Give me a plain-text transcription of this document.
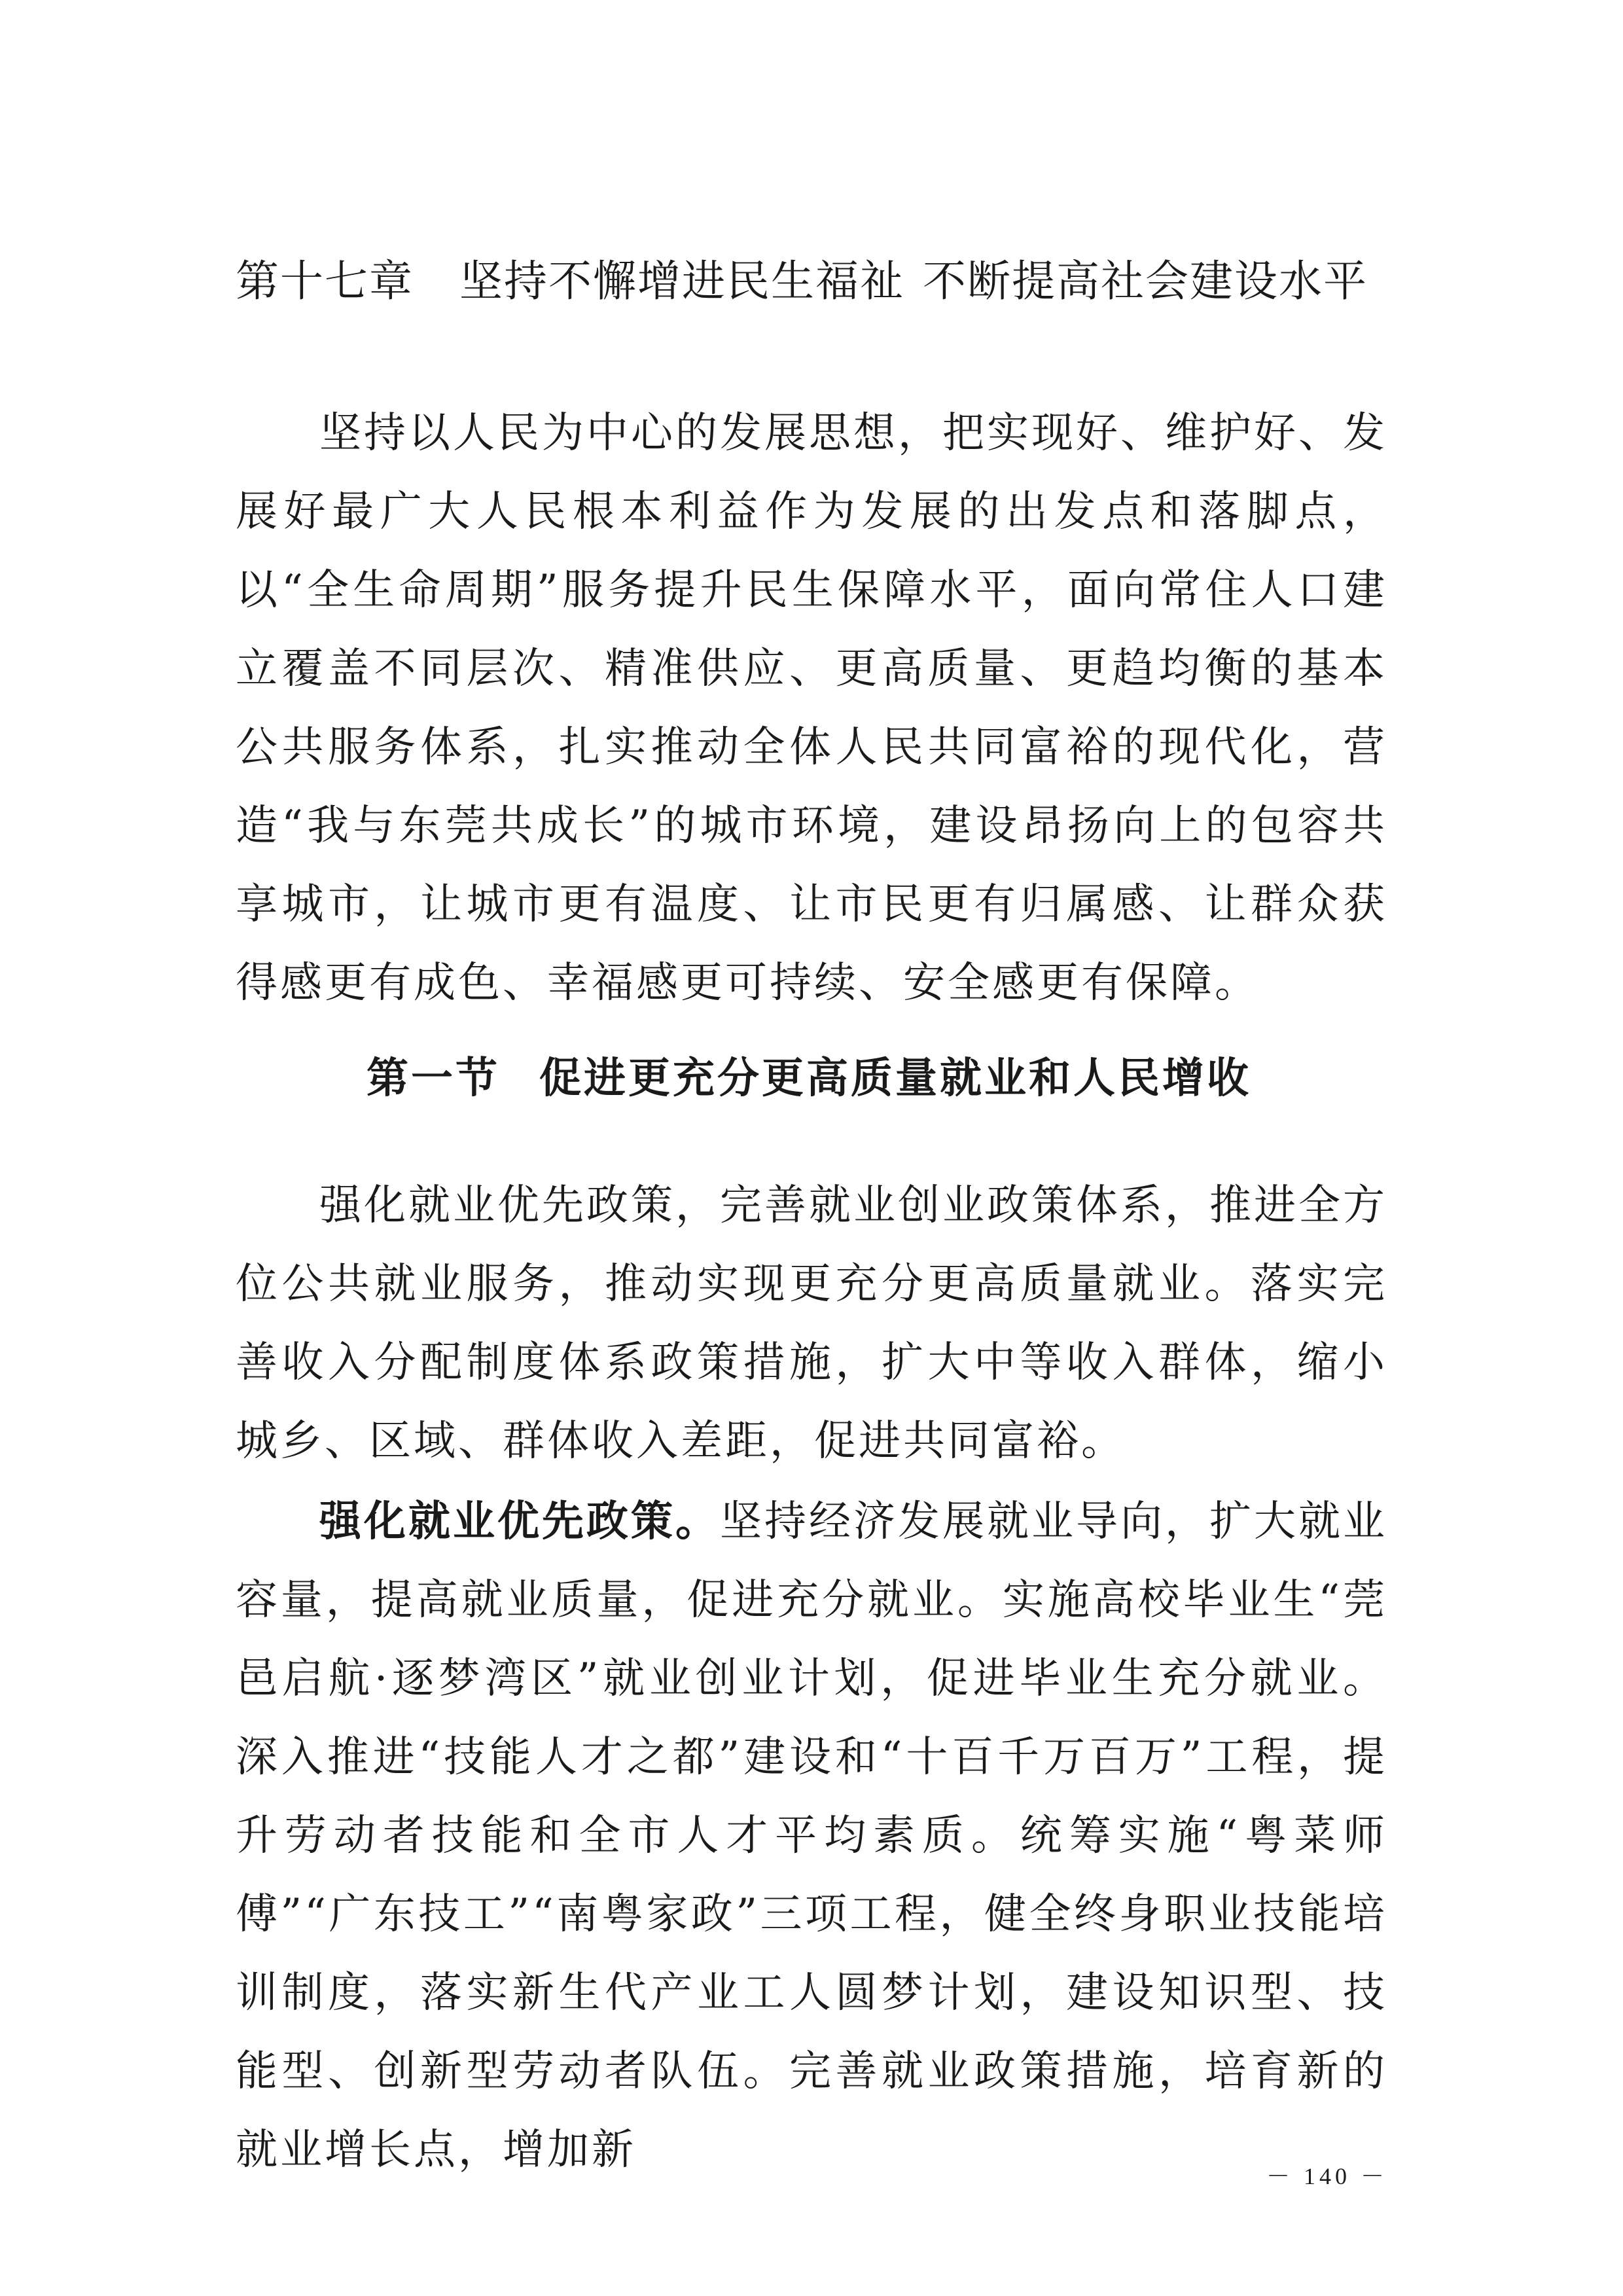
第十七章 坚持不懈增进民生福祉 不断提高社会建设水平

坚持以人民为中心的发展思想，把实现好、维护好、发展好最广大人民根本利益作为发展的出发点和落脚点，以“全生命周期”服务提升民生保障水平，面向常住人口建立覆盖不同层次、精准供应、更高质量、更趋均衡的基本公共服务体系，扎实推动全体人民共同富裕的现代化，营造“我与东莞共成长”的城市环境，建设昂扬向上的包容共享城市，让城市更有温度、让市民更有归属感、让群众获得感更有成色、幸福感更可持续、安全感更有保障。

第一节 促进更充分更高质量就业和人民增收

强化就业优先政策，完善就业创业政策体系，推进全方位公共就业服务，推动实现更充分更高质量就业。落实完善收入分配制度体系政策措施，扩大中等收入群体，缩小城乡、区域、群体收入差距，促进共同富裕。

强化就业优先政策。坚持经济发展就业导向，扩大就业容量，提高就业质量，促进充分就业。实施高校毕业生“莞邑启航·逐梦湾区”就业创业计划，促进毕业生充分就业。深入推进“技能人才之都”建设和“十百千万百万”工程，提升劳动者技能和全市人才平均素质。统筹实施“粤菜师傅”“广东技工”“南粤家政”三项工程，健全终身职业技能培训制度，落实新生代产业工人圆梦计划，建设知识型、技能型、创新型劳动者队伍。完善就业政策措施，培育新的就业增长点，增加新

－ 140 －
